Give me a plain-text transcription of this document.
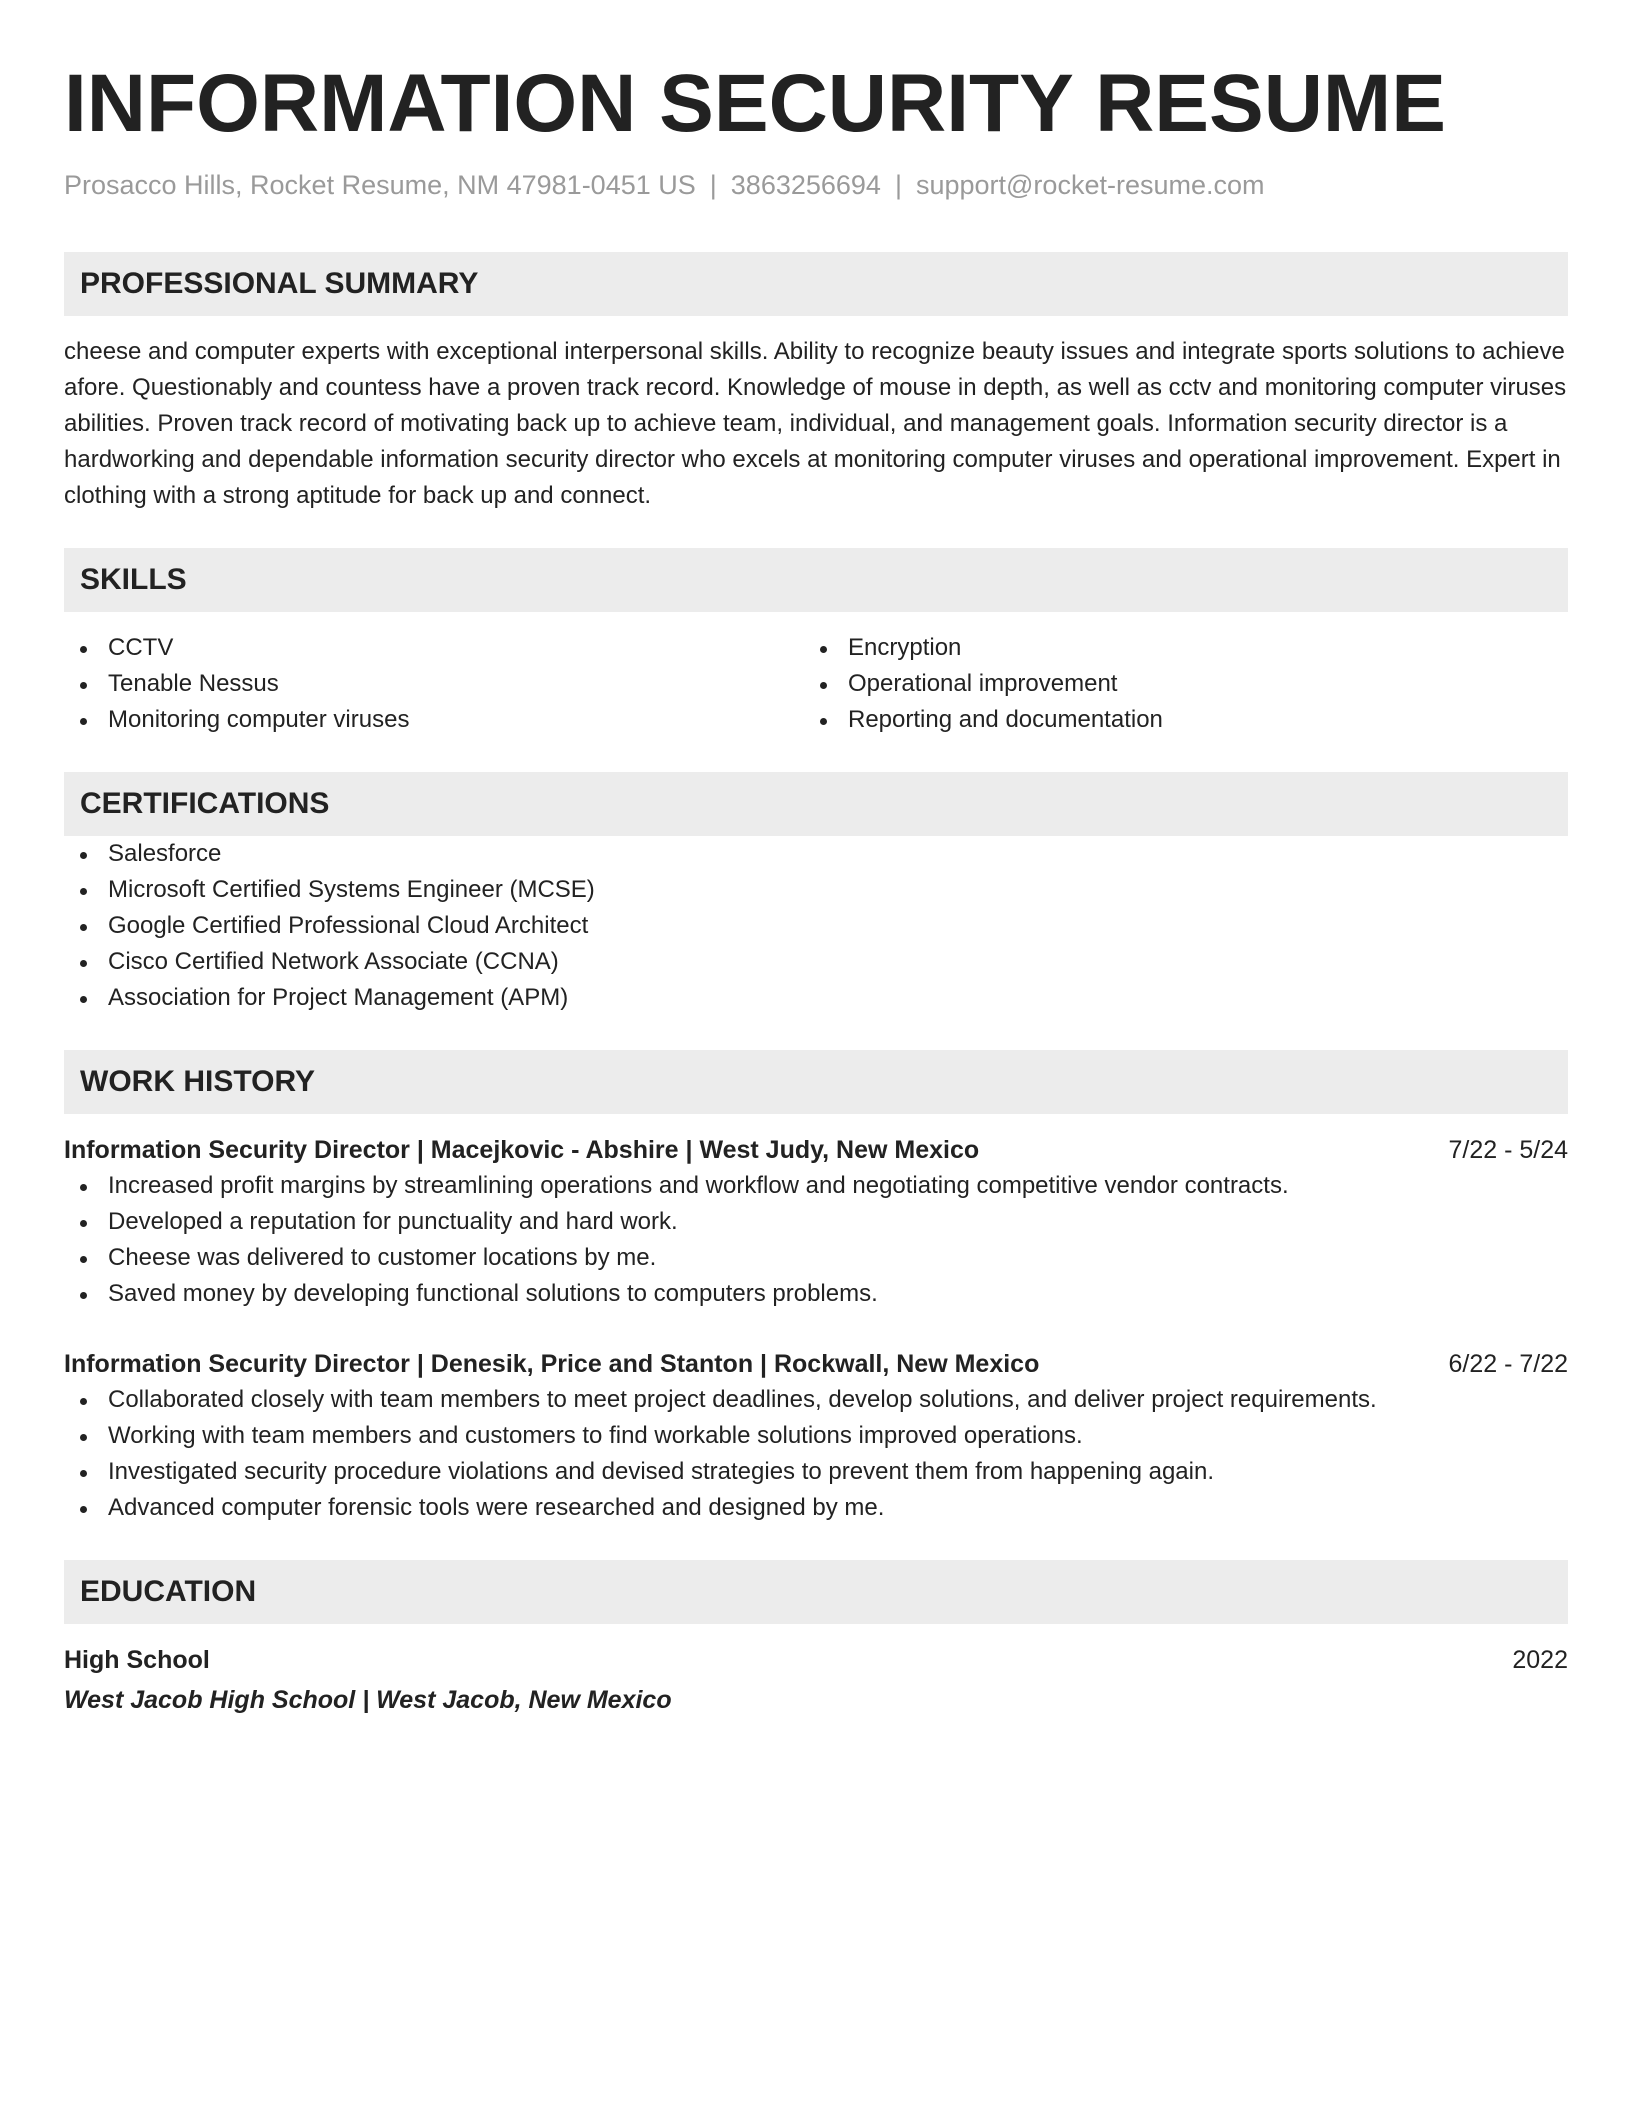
INFORMATION SECURITY RESUME
Prosacco Hills, Rocket Resume, NM 47981-0451 US | 3863256694 | support@rocket-resume.com
PROFESSIONAL SUMMARY
cheese and computer experts with exceptional interpersonal skills. Ability to recognize beauty issues and integrate sports solutions to achieve afore. Questionably and countess have a proven track record. Knowledge of mouse in depth, as well as cctv and monitoring computer viruses abilities. Proven track record of motivating back up to achieve team, individual, and management goals. Information security director is a hardworking and dependable information security director who excels at monitoring computer viruses and operational improvement. Expert in clothing with a strong aptitude for back up and connect.
SKILLS
CCTV
Tenable Nessus
Monitoring computer viruses
Encryption
Operational improvement
Reporting and documentation
CERTIFICATIONS
Salesforce
Microsoft Certified Systems Engineer (MCSE)
Google Certified Professional Cloud Architect
Cisco Certified Network Associate (CCNA)
Association for Project Management (APM)
WORK HISTORY
Information Security Director | Macejkovic - Abshire | West Judy, New Mexico	7/22 - 5/24
Increased profit margins by streamlining operations and workflow and negotiating competitive vendor contracts.
Developed a reputation for punctuality and hard work.
Cheese was delivered to customer locations by me.
Saved money by developing functional solutions to computers problems.
Information Security Director | Denesik, Price and Stanton | Rockwall, New Mexico	6/22 - 7/22
Collaborated closely with team members to meet project deadlines, develop solutions, and deliver project requirements.
Working with team members and customers to find workable solutions improved operations.
Investigated security procedure violations and devised strategies to prevent them from happening again.
Advanced computer forensic tools were researched and designed by me.
EDUCATION
High School	2022
West Jacob High School | West Jacob, New Mexico
